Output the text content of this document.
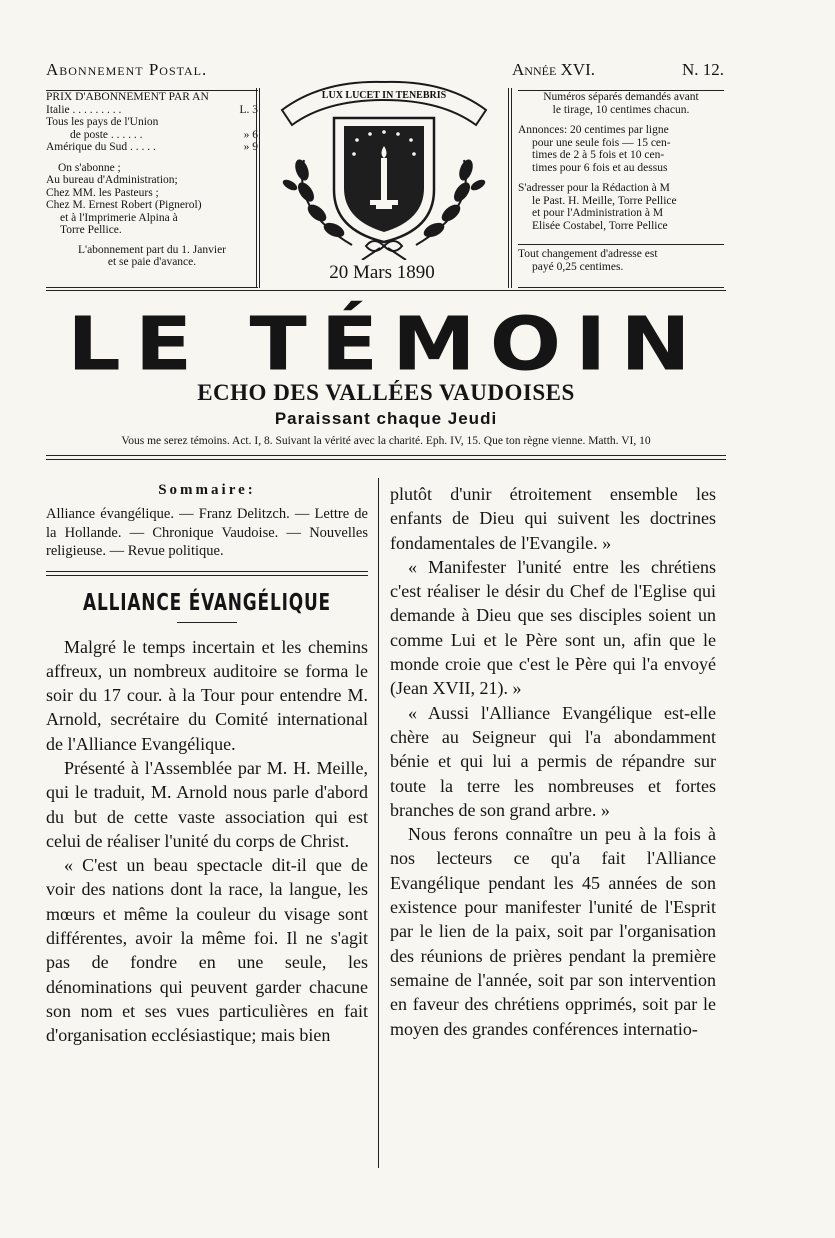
Abonnement Postal.

PRIX D'ABONNEMENT PAR AN

Italie . . . . . . . . .	L. 3
Tous les pays de l'Union
de poste . . . . . .	» 6
Amérique du Sud . . . . .	» 9
On s'abonne ;
Au bureau d'Administration;
Chez MM. les Pasteurs ;
Chez M. Ernest Robert (Pignerol)
et à l'Imprimerie Alpina à
Torre Pellice.

L'abonnement part du 1. Janvier

et se paie d'avance.

LUX LUCET IN TENEBRIS
20 Mars 1890
Année XVI.	N. 12.

Numéros séparés demandés avant

le tirage, 10 centimes chacun.

Annonces: 20 centimes par ligne
pour une seule fois — 15 cen-
times de 2 à 5 fois et 10 cen-
times pour 6 fois et au dessus
S'adresser pour la Rédaction à M
le Past. H. Meille, Torre Pellice
et pour l'Administration à M
Elisée Costabel, Torre Pellice
Tout changement d'adresse est
payé 0,25 centimes.
LE TÉMOIN
ECHO DES VALLÉES VAUDOISES
Paraissant chaque Jeudi
Vous me serez témoins. Act. I, 8. Suivant la vérité avec la charité. Eph. IV, 15. Que ton règne vienne. Matth. VI, 10
Sommaire:
Alliance évangélique. — Franz Delitzch. — Lettre de la Hollande. — Chronique Vaudoise. — Nouvelles religieuse. — Revue politique.
ALLIANCE ÉVANGÉLIQUE

Malgré le temps incertain et les chemins affreux, un nombreux auditoire se forma le soir du 17 cour. à la Tour pour entendre M. Arnold, secrétaire du Comité international de l'Alliance Evangélique.

Présenté à l'Assemblée par M. H. Meille, qui le traduit, M. Arnold nous parle d'abord du but de cette vaste association qui est celui de réaliser l'unité du corps de Christ.

« C'est un beau spectacle dit-il que de voir des nations dont la race, la langue, les mœurs et même la couleur du visage sont différentes, avoir la même foi. Il ne s'agit pas de fondre en une seule, les dénominations qui peuvent garder chacune son nom et ses vues particulières en fait d'organisation ecclésiastique; mais bien

plutôt d'unir étroitement ensemble les enfants de Dieu qui suivent les doctrines fondamentales de l'Evangile. »

« Manifester l'unité entre les chrétiens c'est réaliser le désir du Chef de l'Eglise qui demande à Dieu que ses disciples soient un comme Lui et le Père sont un, afin que le monde croie que c'est le Père qui l'a envoyé (Jean XVII, 21). »

« Aussi l'Alliance Evangélique est-elle chère au Seigneur qui l'a abondamment bénie et qui lui a permis de répandre sur toute la terre les nombreuses et fortes branches de son grand arbre. »

Nous ferons connaître un peu à la fois à nos lecteurs ce qu'a fait l'Alliance Evangélique pendant les 45 années de son existence pour manifester l'unité de l'Esprit par le lien de la paix, soit par l'organisation des réunions de prières pendant la première semaine de l'année, soit par son intervention en faveur des chrétiens opprimés, soit par le moyen des grandes conférences internatio-
